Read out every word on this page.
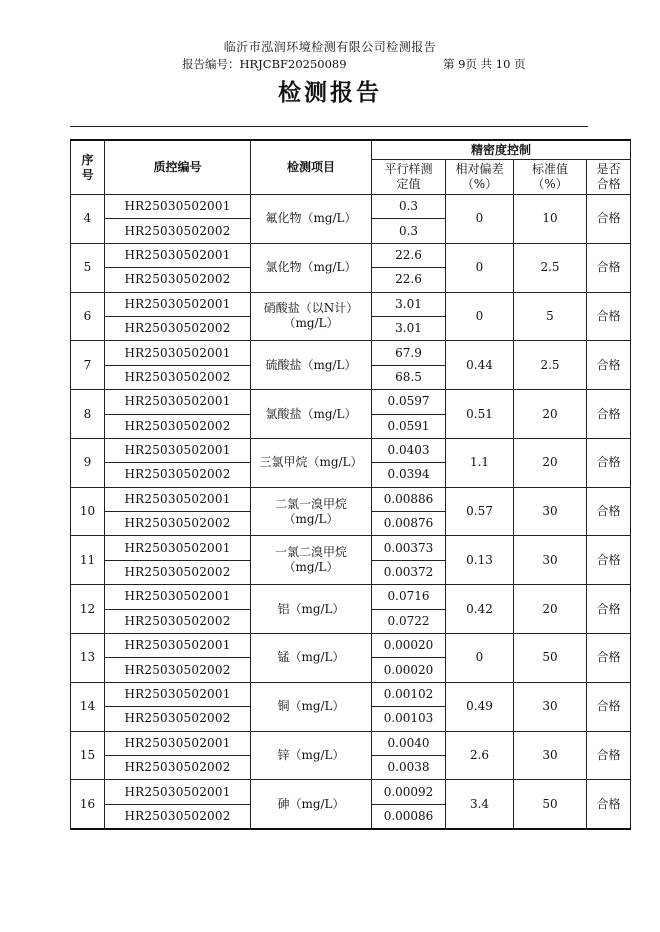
临沂市泓润环境检测有限公司检测报告
报告编号：HRJCBF20250089	第 9页 共 10 页
检测报告
序号	质控编号	检测项目	精密度控制			
			平行样测定值	相对偏差（%）	标准值（%）	是否合格
4	HR25030502001	氟化物（mg/L）	0.3	0	10	合格
	HR25030502002		0.3			
5	HR25030502001	氯化物（mg/L）	22.6	0	2.5	合格
	HR25030502002		22.6			
6	HR25030502001	硝酸盐（以N计）（mg/L）	3.01	0	5	合格
	HR25030502002		3.01			
7	HR25030502001	硫酸盐（mg/L）	67.9	0.44	2.5	合格
	HR25030502002		68.5			
8	HR25030502001	氯酸盐（mg/L）	0.0597	0.51	20	合格
	HR25030502002		0.0591			
9	HR25030502001	三氯甲烷（mg/L）	0.0403	1.1	20	合格
	HR25030502002		0.0394			
10	HR25030502001	二氯一溴甲烷（mg/L）	0.00886	0.57	30	合格
	HR25030502002		0.00876			
11	HR25030502001	一氯二溴甲烷（mg/L）	0.00373	0.13	30	合格
	HR25030502002		0.00372			
12	HR25030502001	铝（mg/L）	0.0716	0.42	20	合格
	HR25030502002		0.0722			
13	HR25030502001	锰（mg/L）	0.00020	0	50	合格
	HR25030502002		0.00020			
14	HR25030502001	铜（mg/L）	0.00102	0.49	30	合格
	HR25030502002		0.00103			
15	HR25030502001	锌（mg/L）	0.0040	2.6	30	合格
	HR25030502002		0.0038			
16	HR25030502001	砷（mg/L）	0.00092	3.4	50	合格
	HR25030502002		0.00086			
